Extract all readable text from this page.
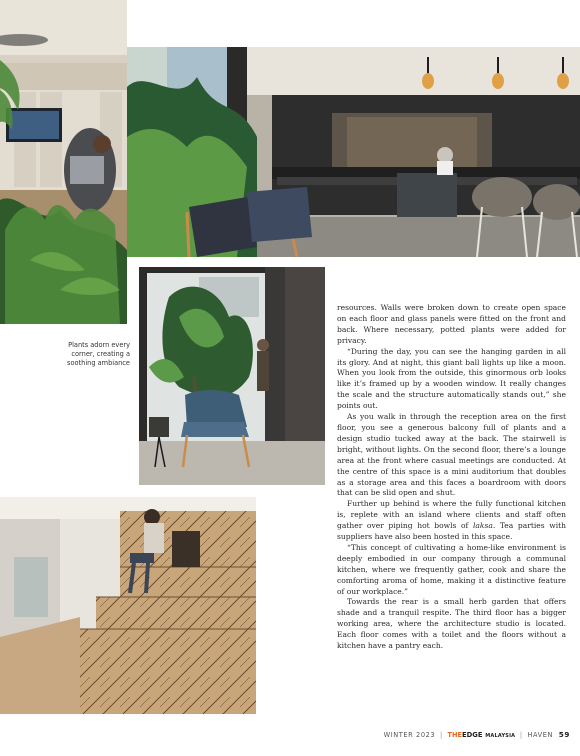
Plants adorn every
corner, creating a
soothing ambiance

resources. Walls were broken down to create open space on each floor and glass panels were fitted on the front and back. Where necessary, potted plants were added for privacy.

“During the day, you can see the hanging garden in all its glory. And at night, this giant ball lights up like a moon. When you look from the outside, this ginormous orb looks like it’s framed up by a wooden window. It really changes the scale and the structure automatically stands out,” she points out.

As you walk in through the reception area on the first floor, you see a generous balcony full of plants and a design studio tucked away at the back. The stairwell is bright, without lights. On the second floor, there’s a lounge area at the front where casual meetings are conducted. At the centre of this space is a mini auditorium that doubles as a storage area and this faces a boardroom with doors that can be slid open and shut.

Further up behind is where the fully functional kitchen is, replete with an island where clients and staff often gather over piping hot bowls of laksa. Tea parties with suppliers have also been hosted in this space.

“This concept of cultivating a home-like environment is deeply embodied in our company through a communal kitchen, where we frequently gather, cook and share the comforting aroma of home, making it a distinctive feature of our workplace.”

Towards the rear is a small herb garden that offers shade and a tranquil respite. The third floor has a bigger working area, where the architecture studio is located. Each floor comes with a toilet and the floors without a kitchen have a pantry each.

WINTER 2023 | THEEDGE MALAYSIA | HAVEN 59
